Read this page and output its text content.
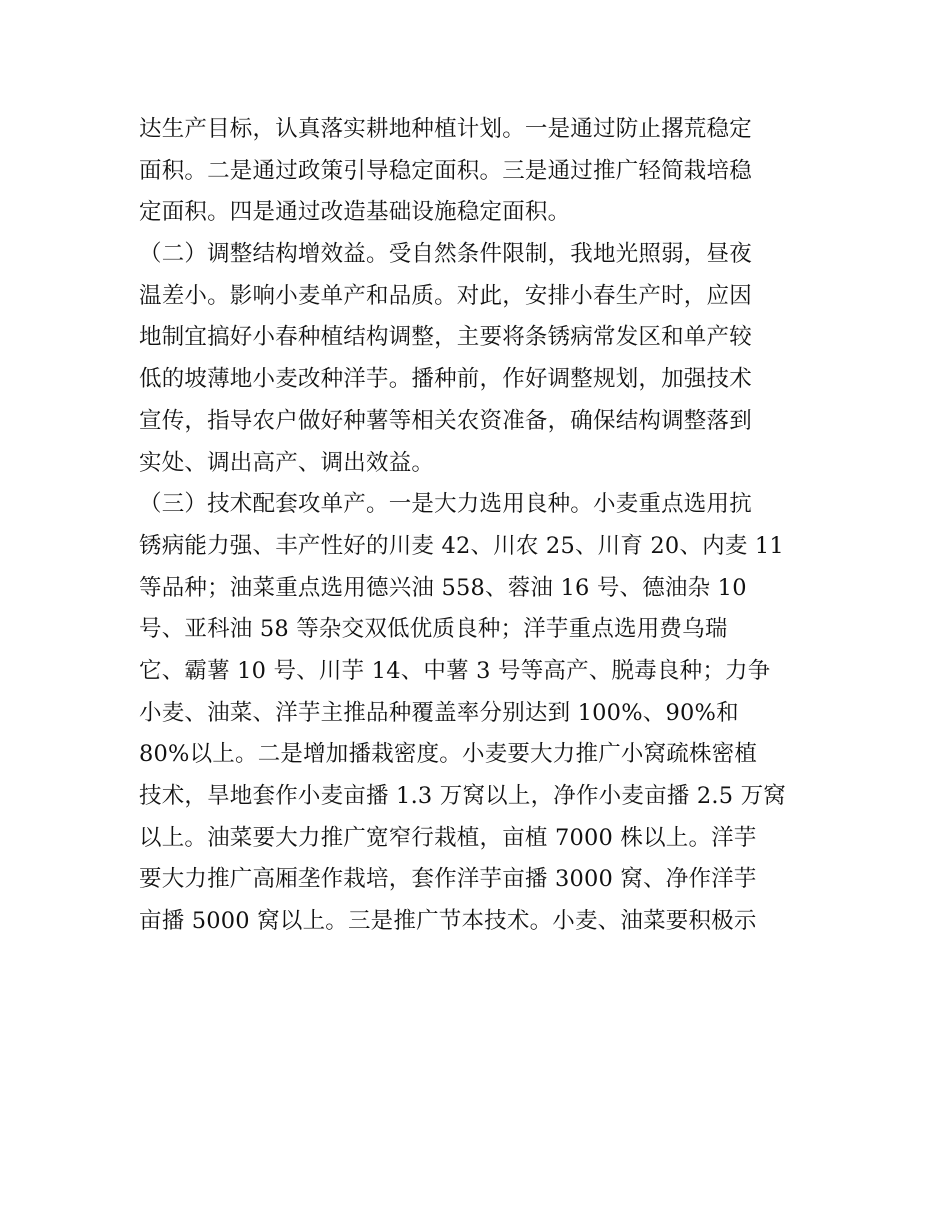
达生产目标，认真落实耕地种植计划。一是通过防止撂荒稳定
面积。二是通过政策引导稳定面积。三是通过推广轻简栽培稳
定面积。四是通过改造基础设施稳定面积。
（二）调整结构增效益。受自然条件限制，我地光照弱，昼夜
温差小。影响小麦单产和品质。对此，安排小春生产时，应因
地制宜搞好小春种植结构调整，主要将条锈病常发区和单产较
低的坡薄地小麦改种洋芋。播种前，作好调整规划，加强技术
宣传，指导农户做好种薯等相关农资准备，确保结构调整落到
实处、调出高产、调出效益。
（三）技术配套攻单产。一是大力选用良种。小麦重点选用抗
锈病能力强、丰产性好的川麦 42、川农 25、川育 20、内麦 11
等品种；油菜重点选用德兴油 558、蓉油 16 号、德油杂 10
号、亚科油 58 等杂交双低优质良种；洋芋重点选用费乌瑞
它、霸薯 10 号、川芋 14、中薯 3 号等高产、脱毒良种；力争
小麦、油菜、洋芋主推品种覆盖率分别达到 100%、90%和
80%以上。二是增加播栽密度。小麦要大力推广小窝疏株密植
技术，旱地套作小麦亩播 1.3 万窝以上，净作小麦亩播 2.5 万窝
以上。油菜要大力推广宽窄行栽植，亩植 7000 株以上。洋芋
要大力推广高厢垄作栽培，套作洋芋亩播 3000 窝、净作洋芋
亩播 5000 窝以上。三是推广节本技术。小麦、油菜要积极示
